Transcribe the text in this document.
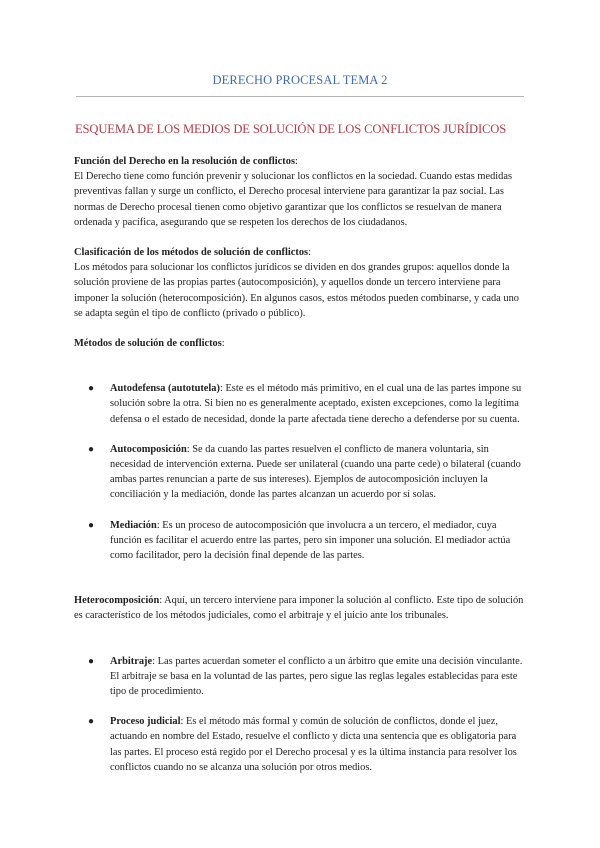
DERECHO PROCESAL TEMA 2
ESQUEMA DE LOS MEDIOS DE SOLUCIÓN DE LOS CONFLICTOS JURÍDICOS

Función del Derecho en la resolución de conflictos:
El Derecho tiene como función prevenir y solucionar los conflictos en la sociedad. Cuando estas medidas preventivas fallan y surge un conflicto, el Derecho procesal interviene para garantizar la paz social. Las normas de Derecho procesal tienen como objetivo garantizar que los conflictos se resuelvan de manera ordenada y pacífica, asegurando que se respeten los derechos de los ciudadanos.

Clasificación de los métodos de solución de conflictos:
Los métodos para solucionar los conflictos jurídicos se dividen en dos grandes grupos: aquellos donde la solución proviene de las propias partes (autocomposición), y aquellos donde un tercero interviene para imponer la solución (heterocomposición). En algunos casos, estos métodos pueden combinarse, y cada uno se adapta según el tipo de conflicto (privado o público).

Métodos de solución de conflictos:

● Autodefensa (autotutela): Este es el método más primitivo, en el cual una de las partes impone su solución sobre la otra. Si bien no es generalmente aceptado, existen excepciones, como la legítima defensa o el estado de necesidad, donde la parte afectada tiene derecho a defenderse por su cuenta.
● Autocomposición: Se da cuando las partes resuelven el conflicto de manera voluntaria, sin necesidad de intervención externa. Puede ser unilateral (cuando una parte cede) o bilateral (cuando ambas partes renuncian a parte de sus intereses). Ejemplos de autocomposición incluyen la conciliación y la mediación, donde las partes alcanzan un acuerdo por sí solas.
● Mediación: Es un proceso de autocomposición que involucra a un tercero, el mediador, cuya función es facilitar el acuerdo entre las partes, pero sin imponer una solución. El mediador actúa como facilitador, pero la decisión final depende de las partes.

Heterocomposición: Aquí, un tercero interviene para imponer la solución al conflicto. Este tipo de solución es característico de los métodos judiciales, como el arbitraje y el juicio ante los tribunales.

● Arbitraje: Las partes acuerdan someter el conflicto a un árbitro que emite una decisión vinculante. El arbitraje se basa en la voluntad de las partes, pero sigue las reglas legales establecidas para este tipo de procedimiento.
● Proceso judicial: Es el método más formal y común de solución de conflictos, donde el juez, actuando en nombre del Estado, resuelve el conflicto y dicta una sentencia que es obligatoria para las partes. El proceso está regido por el Derecho procesal y es la última instancia para resolver los conflictos cuando no se alcanza una solución por otros medios.
